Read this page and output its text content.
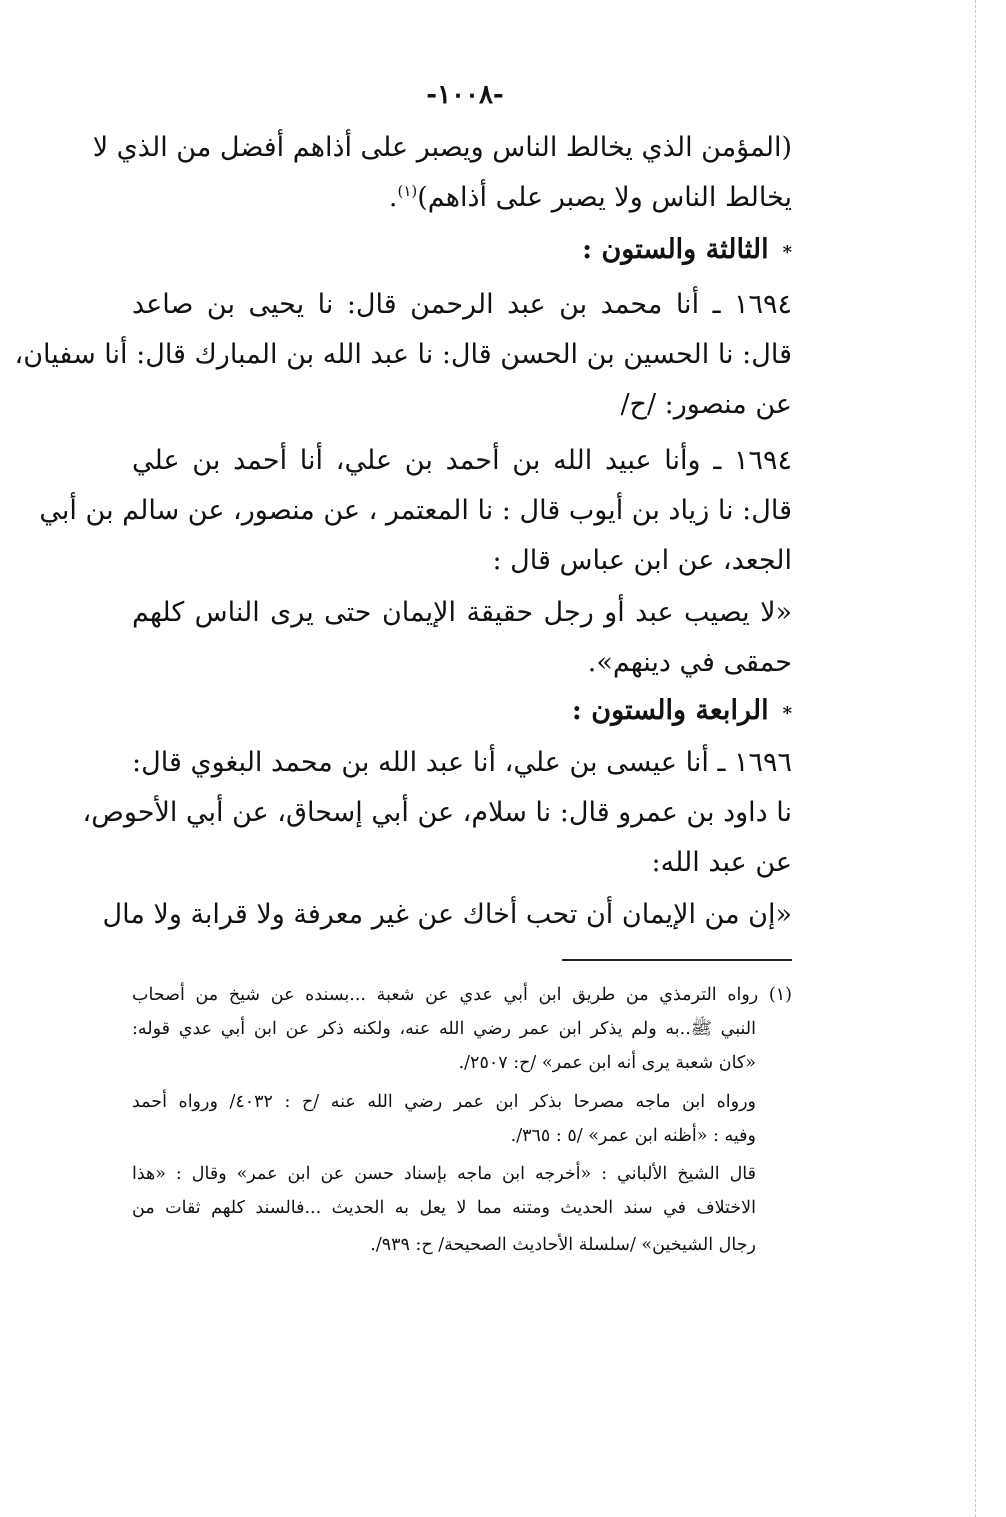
-١٠٠٨-
(المؤمن الذي يخالط الناس ويصبر على أذاهم أفضل من الذي لا
يخالط الناس ولا يصبر على أذاهم)$^{(١)}$.
*الثالثة والستون :
١٦٩٤ ـ أنا محمد بن عبد الرحمن قال: نا يحيى بن صاعد
قال: نا الحسين بن الحسن قال: نا عبد الله بن المبارك قال: أنا سفيان،
عن منصور: /ح/
١٦٩٤ ـ وأنا عبيد الله بن أحمد بن علي، أنا أحمد بن علي
قال: نا زياد بن أيوب قال : نا المعتمر ، عن منصور، عن سالم بن أبي
الجعد، عن ابن عباس قال :
«لا يصيب عبد أو رجل حقيقة الإيمان حتى يرى الناس كلهم
حمقى في دينهم».
*الرابعة والستون :
١٦٩٦ ـ أنا عيسى بن علي، أنا عبد الله بن محمد البغوي قال:
نا داود بن عمرو قال: نا سلام، عن أبي إسحاق، عن أبي الأحوص،
عن عبد الله:
«إن من الإيمان أن تحب أخاك عن غير معرفة ولا قرابة ولا مال
(١) رواه الترمذي من طريق ابن أبي عدي عن شعبة ...بسنده عن شيخ من أصحاب
النبي ﷺ..به ولم يذكر ابن عمر رضي الله عنه، ولكنه ذكر عن ابن أبي عدي قوله:
«كان شعبة يرى أنه ابن عمر» /ح: ٢٥٠٧/.
ورواه ابن ماجه مصرحا بذكر ابن عمر رضي الله عنه /ح : ٤٠٣٢/ ورواه أحمد
وفيه : «أظنه ابن عمر» /٥ : ٣٦٥/.
قال الشيخ الألباني : «أخرجه ابن ماجه بإسناد حسن عن ابن عمر» وقال : «هذا
الاختلاف في سند الحديث ومتنه مما لا يعل به الحديث ...فالسند كلهم ثقات من
رجال الشيخين» /سلسلة الأحاديث الصحيحة/ ح: ٩٣٩/.
